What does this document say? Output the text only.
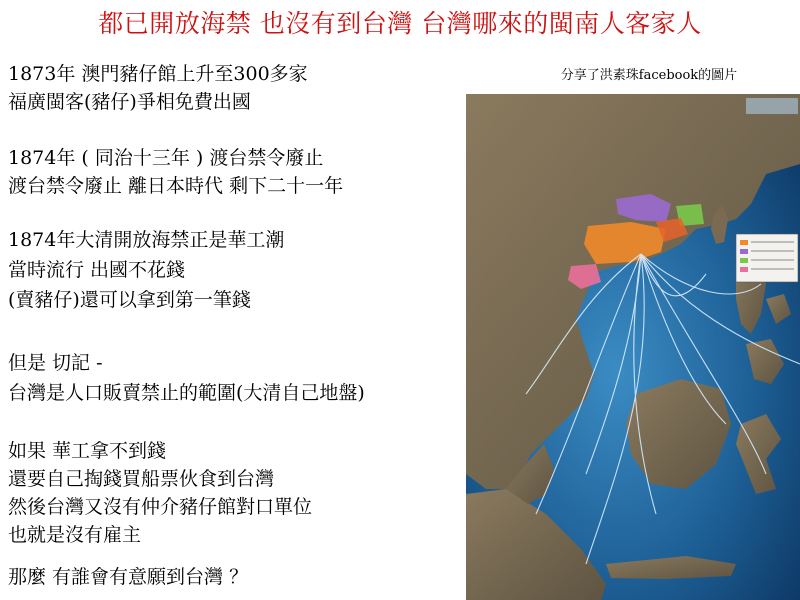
都已開放海禁 也沒有到台灣 台灣哪來的閩南人客家人
分享了洪素珠facebook的圖片
1873年 澳門豬仔館上升至300多家
福廣閩客(豬仔)爭相免費出國
1874年 ( 同治十三年 ) 渡台禁令廢止
渡台禁令廢止 離日本時代 剩下二十一年
1874年大清開放海禁正是華工潮
當時流行 出國不花錢
(賣豬仔)還可以拿到第一筆錢
但是 切記 -
台灣是人口販賣禁止的範圍(大清自己地盤)
如果 華工拿不到錢
還要自己掏錢買船票伙食到台灣
然後台灣又沒有仲介豬仔館對口單位
也就是沒有雇主
那麼 有誰會有意願到台灣 ？
